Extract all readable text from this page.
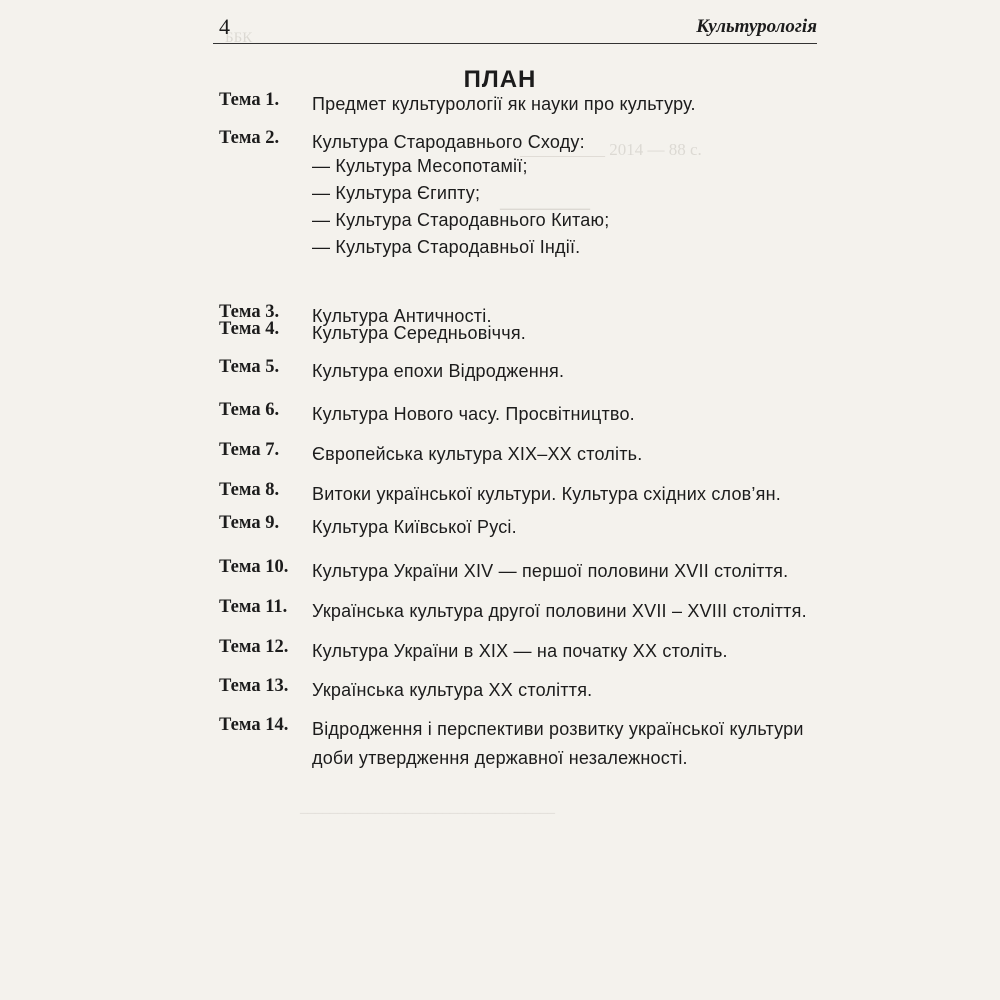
ББК ________
__________ 2014 — 88 с.
_________
__________________________________
4	Культурологія
ПЛАН
Тема 1. Предмет культурології як науки про культуру.
Тема 2. Культура Стародавнього Сходу:
— Культура Месопотамії;
— Культура Єгипту;
— Культура Стародавнього Китаю;
— Культура Стародавньої Індії.
Тема 3. Культура Античності.
Тема 4. Культура Середньовіччя.
Тема 5. Культура епохи Відродження.
Тема 6. Культура Нового часу. Просвітництво.
Тема 7. Європейська культура XIX–XX століть.
Тема 8. Витоки української культури. Культура східних слов’ян.
Тема 9. Культура Київської Русі.
Тема 10. Культура України XIV — першої половини XVII століття.
Тема 11. Українська культура другої половини XVII – XVIII століття.
Тема 12. Культура України в XIX — на початку XX століть.
Тема 13. Українська культура XX століття.
Тема 14. Відродження і перспективи розвитку української культури доби утвердження державної незалежності.
